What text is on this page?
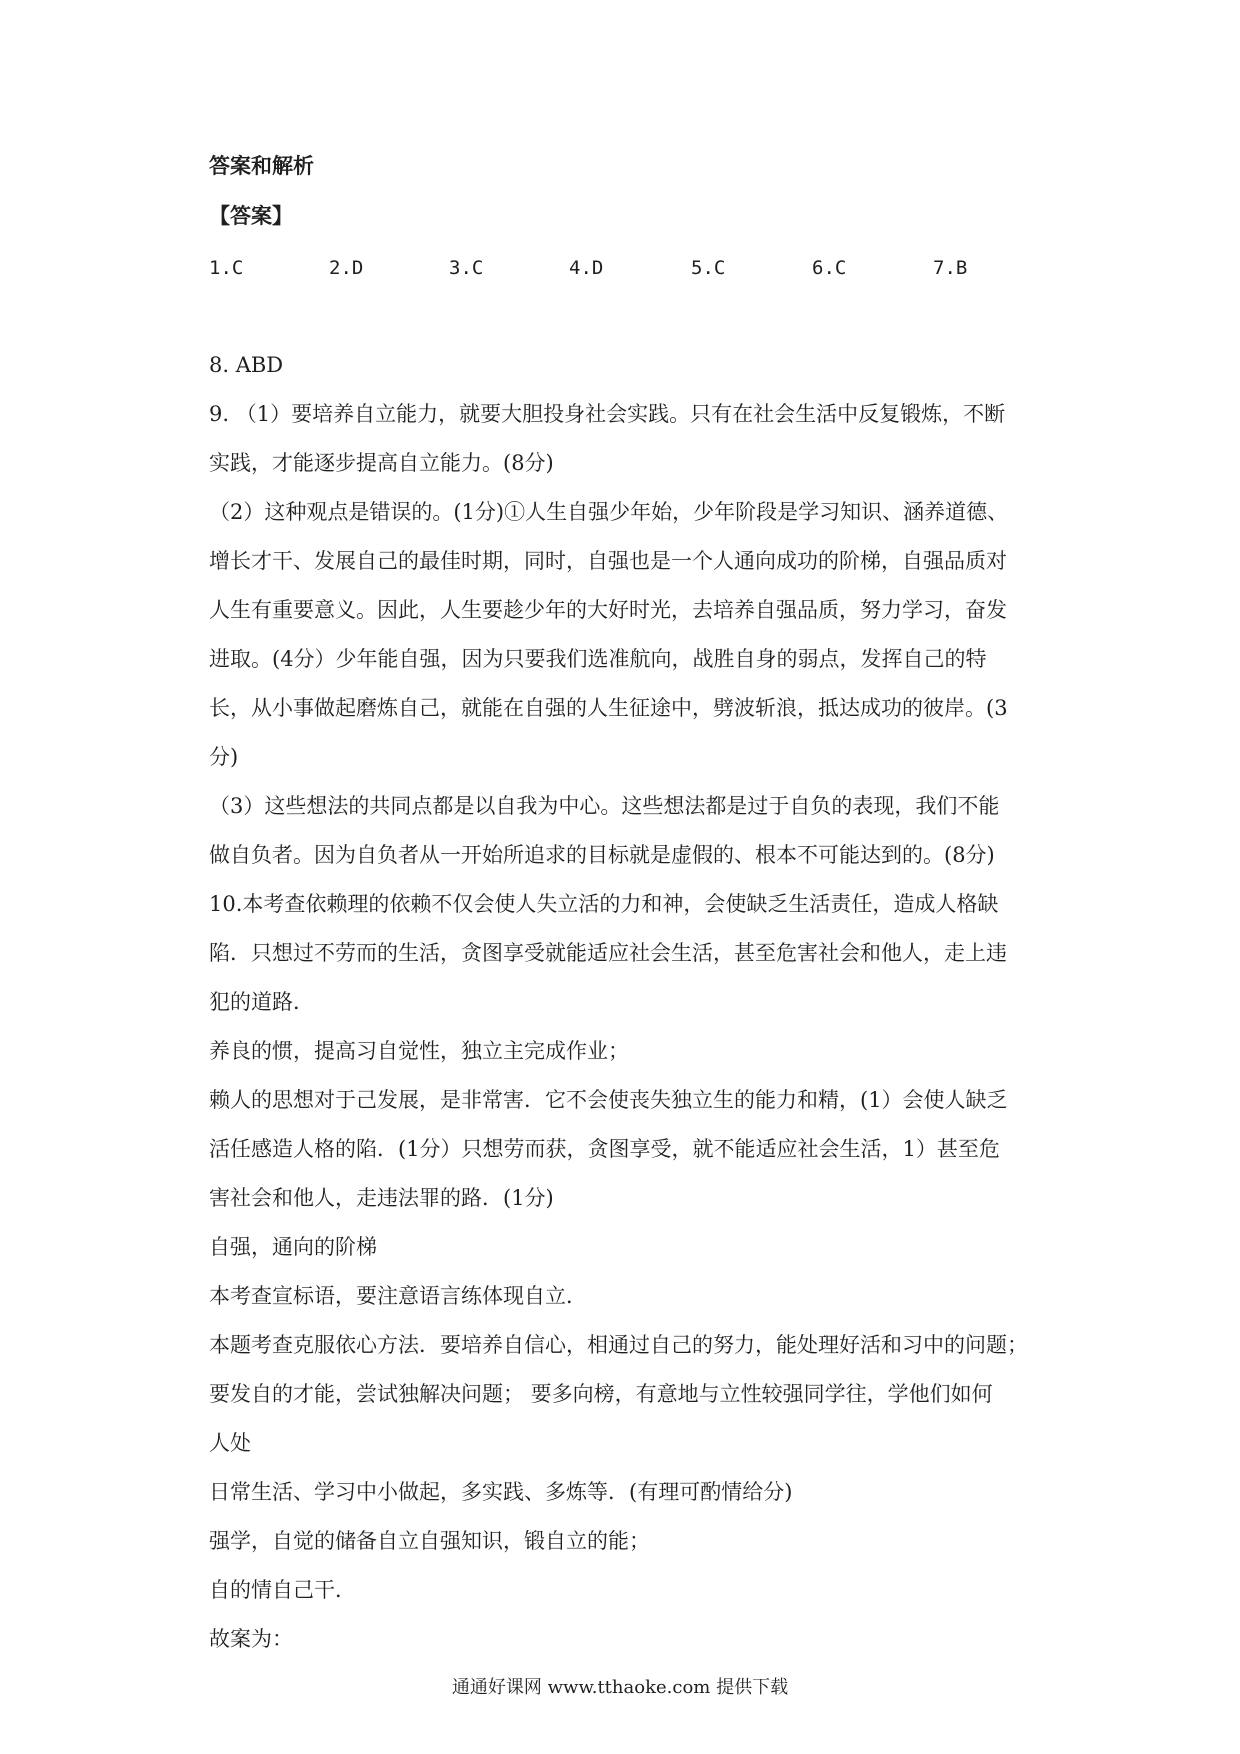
答案和解析
【答案】
1.C	2.D	3.C	4.D	5.C	6.C	7.B
8. ABD
9. （1）要培养自立能力，就要大胆投身社会实践。只有在社会生活中反复锻炼，不断
实践，才能逐步提高自立能力。(8分)
（2）这种观点是错误的。(1分)①人生自强少年始，少年阶段是学习知识、涵养道德、
增长才干、发展自己的最佳时期，同时，自强也是一个人通向成功的阶梯，自强品质对
人生有重要意义。因此，人生要趁少年的大好时光，去培养自强品质，努力学习，奋发
进取。(4分）少年能自强，因为只要我们选准航向，战胜自身的弱点，发挥自己的特
长，从小事做起磨炼自己，就能在自强的人生征途中，劈波斩浪，抵达成功的彼岸。(3
分)
（3）这些想法的共同点都是以自我为中心。这些想法都是过于自负的表现，我们不能
做自负者。因为自负者从一开始所追求的目标就是虚假的、根本不可能达到的。(8分)
10.本考查依赖理的依赖不仅会使人失立活的力和神，会使缺乏生活责任，造成人格缺
陷．只想过不劳而的生活，贪图享受就能适应社会生活，甚至危害社会和他人，走上违
犯的道路．
养良的惯，提高习自觉性，独立主完成作业；
赖人的思想对于己发展，是非常害．它不会使丧失独立生的能力和精，(1）会使人缺乏
活任感造人格的陷．(1分）只想劳而获，贪图享受，就不能适应社会生活，1）甚至危
害社会和他人，走违法罪的路．(1分)
自强，通向的阶梯
本考查宣标语，要注意语言练体现自立．
本题考查克服依心方法．要培养自信心，相通过自己的努力，能处理好活和习中的问题；
要发自的才能，尝试独解决问题； 要多向榜，有意地与立性较强同学往，学他们如何
人处
日常生活、学习中小做起，多实践、多炼等．(有理可酌情给分)
强学，自觉的储备自立自强知识，锻自立的能；
自的情自己干．
故案为：
通通好课网 www.tthaoke.com 提供下载
